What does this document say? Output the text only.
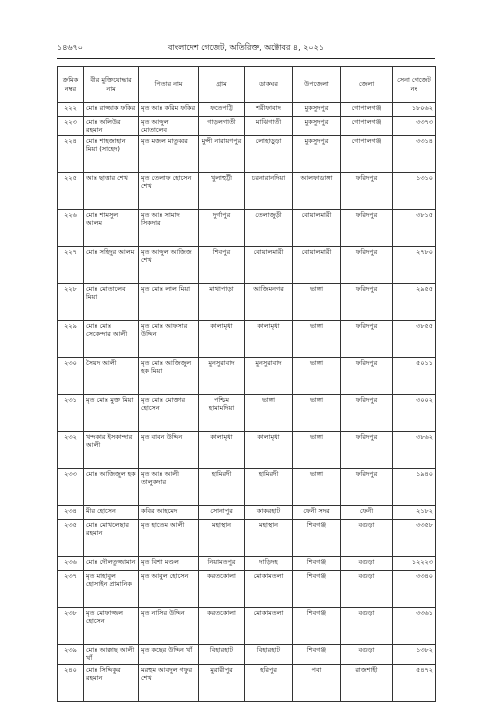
১৪৬৭০	বাংলাদেশ গেজেট, অতিরিক্ত, অক্টোবর ৪, ২০২১
ক্রমিক নম্বর	বীর মুক্তিযোদ্ধার নাম	পিতার নাম	গ্রাম	ডাকঘর	উপজেলা	জেলা	সেনা গেজেট নং
২২২	মোঃ রাজ্জাক ফকির	মৃত আঃ করিম ফকির	ফতেপট্টি	শরীফাবাদ	মুকসুদপুর	গোপালগঞ্জ	১৮০৬২
২২৩	মোঃ অলিউর রহমান	মৃত আব্দুল মোতালেব	গাড়লগাতী	মাঝিগাতী	মুকসুদপুর	গোপালগঞ্জ	৩৩৭৩
২২৪	মোঃ শাহজাহান মিয়া (সাহেদ)	মৃত মজল মাতুব্বর	মুন্সী নারায়ণপুর	লোহাড়ুড়া	মুকসুদপুর	গোপালগঞ্জ	৩৩১৪
২২৫	আঃ ছাত্তার শেখ	মৃত তেলাফ হোসেন শেখ	খুলাহুট্টী	চরনারানদিয়া	আলফাডাঙ্গা	ফরিদপুর	১৩১০
২২৬	মোঃ শামসুল আলম	মৃত আঃ সামাদ সিকদার	দুর্গাপুর	তেলাজুড়ী	বোয়ালমারী	ফরিদপুর	৩৮১৫
২২৭	মোঃ সহিদুর আলম	মৃত আব্দুল আজিজ শেখ	শিবপুর	বোয়ালমারী	বোয়ালমারী	ফরিদপুর	২৭৮০
২২৮	মোঃ মোতালেব মিয়া	মৃত মোঃ লাল মিয়া	মাথাপাড়া	আজিমনগর	ভাঙ্গা	ফরিদপুর	২৯৫৫
২২৯	মোঃ মোঃ সেকেন্দার আলী	মৃত মোঃ আফসার উদ্দিন	কালামৃধা	কালামৃধা	ভাঙ্গা	ফরিদপুর	৩৮৫৫
২৩০	সৈয়দ আলী	মৃত মোঃ আজিজুল হক মিয়া	মুনসুরাবাদ	মুনসুরাবাদ	ভাঙ্গা	ফরিদপুর	৫০১১
২৩১	মৃত মোঃ মুক্ত মিয়া	মৃত মোঃ মোক্তার হোসেন	পশ্চিম হামামদিয়া	ভাঙ্গা	ভাঙ্গা	ফরিদপুর	৩০০২
২৩২	খন্দকার ইসকান্দার আলী	মৃত বাবন উদ্দিন	কালামৃধা	কালামৃধা	ভাঙ্গা	ফরিদপুর	৩৮৬২
২৩৩	মোঃ আজিজুল হক	মৃত আঃ আলী তালুকদার	হামিরদী	হামিরদী	ভাঙ্গা	ফরিদপুর	১৯৪০
২৩৪	মীর হোসেন	কবির আহমেদ	সোনাপুর	কাকরহাট	ফেনী সদর	ফেনী	২১৮২
২৩৫	মোঃ মোখলেছার রহমান	মৃত হাতেম আলী	মহাস্থান	মহাস্থান	শিবগঞ্জ	বগুড়া	৩৩৫৮
২৩৬	মোঃ দৌলতুজ্জামান	মৃত বিশা মণ্ডল	নিয়ামতপুর	দাড়িদহ	শিবগঞ্জ	বগুড়া	১২২২৩
২৩৭	মৃত মাহাবুল হোসাইন প্রামানিক	মৃত আবুল হোসেন	করতকোলা	মোকামতলা	শিবগঞ্জ	বগুড়া	৩৩৪০
২৩৮	মৃত মোফাজ্জল হোসেন	মৃত নাসির উদ্দিন	করতকোলা	মোকামতলা	শিবগঞ্জ	বগুড়া	৩৩৬১
২৩৯	মোঃ আক্কাছ আলী খাঁ	মৃত কছের উদ্দিন খাঁ	বিহারহাট	বিহারহাট	শিবগঞ্জ	বগুড়া	১৩৮২
২৪০	মোঃ সিদ্দিকুর রহমান	মরহুম আবদুল গফুর শেখ	মুরারীপুর	হরিপুর	পবা	রাজশাহী	৫৪৭২
